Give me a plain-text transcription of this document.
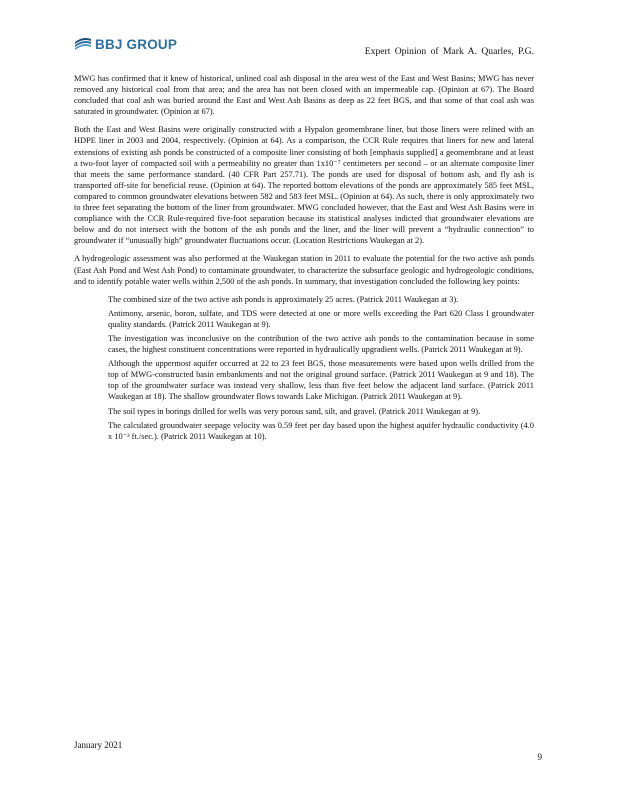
BBJ GROUP	Expert Opinion of Mark A. Quarles, P.G.

MWG has confirmed that it knew of historical, unlined coal ash disposal in the area west of the East and West Basins; MWG has never removed any historical coal from that area; and the area has not been closed with an impermeable cap. (Opinion at 67). The Board concluded that coal ash was buried around the East and West Ash Basins as deep as 22 feet BGS, and that some of that coal ash was saturated in groundwater. (Opinion at 67).

Both the East and West Basins were originally constructed with a Hypalon geomembrane liner, but those liners were relined with an HDPE liner in 2003 and 2004, respectively. (Opinion at 64). As a comparison, the CCR Rule requires that liners for new and lateral extensions of existing ash ponds be constructed of a composite liner consisting of both [emphasis supplied] a geomembrane and at least a two-foot layer of compacted soil with a permeability no greater than 1x10⁻⁷ centimeters per second – or an alternate composite liner that meets the same performance standard. (40 CFR Part 257.71). The ponds are used for disposal of bottom ash, and fly ash is transported off-site for beneficial reuse. (Opinion at 64). The reported bottom elevations of the ponds are approximately 585 feet MSL, compared to common groundwater elevations between 582 and 583 feet MSL. (Opinion at 64). As such, there is only approximately two to three feet separating the bottom of the liner from groundwater. MWG concluded however, that the East and West Ash Basins were in compliance with the CCR Rule-required five-foot separation because its statistical analyses indicted that groundwater elevations are below and do not intersect with the bottom of the ash ponds and the liner, and the liner will prevent a “hydraulic connection” to groundwater if “unusually high” groundwater fluctuations occur. (Location Restrictions Waukegan at 2).

A hydrogeologic assessment was also performed at the Waukegan station in 2011 to evaluate the potential for the two active ash ponds (East Ash Pond and West Ash Pond) to contaminate groundwater, to characterize the subsurface geologic and hydrogeologic conditions, and to identify potable water wells within 2,500 of the ash ponds. In summary, that investigation concluded the following key points:

The combined size of the two active ash ponds is approximately 25 acres. (Patrick 2011 Waukegan at 3).
Antimony, arsenic, boron, sulfate, and TDS were detected at one or more wells exceeding the Part 620 Class I groundwater quality standards. (Patrick 2011 Waukegan at 9).
The investigation was inconclusive on the contribution of the two active ash ponds to the contamination because in some cases, the highest constituent concentrations were reported in hydraulically upgradient wells. (Patrick 2011 Waukegan at 9).
Although the uppermost aquifer occurred at 22 to 23 feet BGS, those measurements were based upon wells drilled from the top of MWG-constructed basin embankments and not the original ground surface. (Patrick 2011 Waukegan at 9 and 18). The top of the groundwater surface was instead very shallow, less than five feet below the adjacent land surface. (Patrick 2011 Waukegan at 18). The shallow groundwater flows towards Lake Michigan. (Patrick 2011 Waukegan at 9).
The soil types in borings drilled for wells was very porous sand, silt, and gravel. (Patrick 2011 Waukegan at 9).
The calculated groundwater seepage velocity was 0.59 feet per day based upon the highest aquifer hydraulic conductivity (4.0 x 10⁻³ ft./sec.). (Patrick 2011 Waukegan at 10).
January 2021
9
